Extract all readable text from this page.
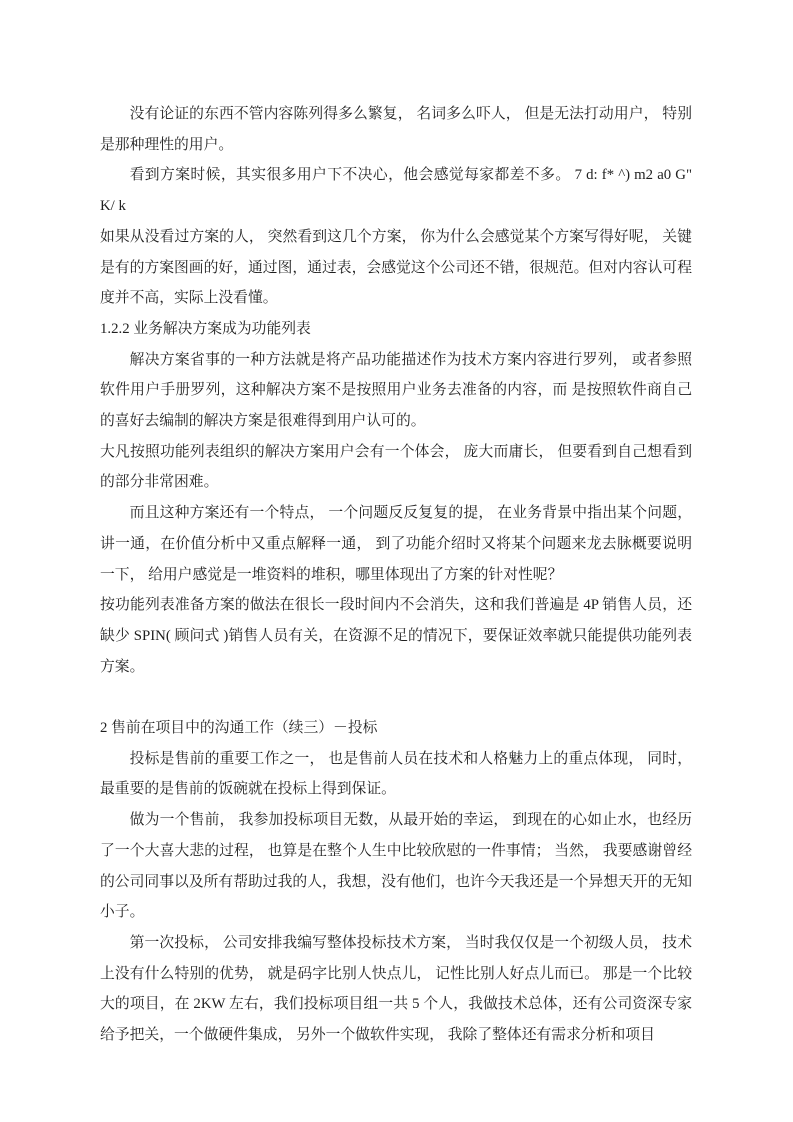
没有论证的东西不管内容陈列得多么繁复， 名词多么吓人， 但是无法打动用户， 特别是那种理性的用户。

看到方案时候，其实很多用户下不决心，他会感觉每家都差不多。 7 d: f* ^) m2 a0 G" K/ k

如果从没看过方案的人， 突然看到这几个方案， 你为什么会感觉某个方案写得好呢， 关键是有的方案图画的好，通过图，通过表，会感觉这个公司还不错，很规范。但对内容认可程度并不高，实际上没看懂。

1.2.2 业务解决方案成为功能列表

解决方案省事的一种方法就是将产品功能描述作为技术方案内容进行罗列， 或者参照软件用户手册罗列，这种解决方案不是按照用户业务去准备的内容，而 是按照软件商自己的喜好去编制的解决方案是很难得到用户认可的。

大凡按照功能列表组织的解决方案用户会有一个体会， 庞大而庸长， 但要看到自己想看到的部分非常困难。

而且这种方案还有一个特点， 一个问题反反复复的提， 在业务背景中指出某个问题， 讲一通，在价值分析中又重点解释一通， 到了功能介绍时又将某个问题来龙去脉概要说明一下， 给用户感觉是一堆资料的堆积，哪里体现出了方案的针对性呢？

按功能列表准备方案的做法在很长一段时间内不会消失，这和我们普遍是 4P 销售人员，还缺少 SPIN( 顾问式 )销售人员有关，在资源不足的情况下，要保证效率就只能提供功能列表方案。

2 售前在项目中的沟通工作（续三）－投标

投标是售前的重要工作之一， 也是售前人员在技术和人格魅力上的重点体现， 同时， 最重要的是售前的饭碗就在投标上得到保证。

做为一个售前， 我参加投标项目无数，从最开始的幸运， 到现在的心如止水，也经历了一个大喜大悲的过程， 也算是在整个人生中比较欣慰的一件事情； 当然， 我要感谢曾经的公司同事以及所有帮助过我的人，我想，没有他们，也许今天我还是一个异想天开的无知小子。

第一次投标， 公司安排我编写整体投标技术方案， 当时我仅仅是一个初级人员， 技术上没有什么特别的优势， 就是码字比别人快点儿， 记性比别人好点儿而已。 那是一个比较大的项目，在 2KW 左右，我们投标项目组一共 5 个人，我做技术总体，还有公司资深专家给予把关，一个做硬件集成， 另外一个做软件实现， 我除了整体还有需求分析和项目
